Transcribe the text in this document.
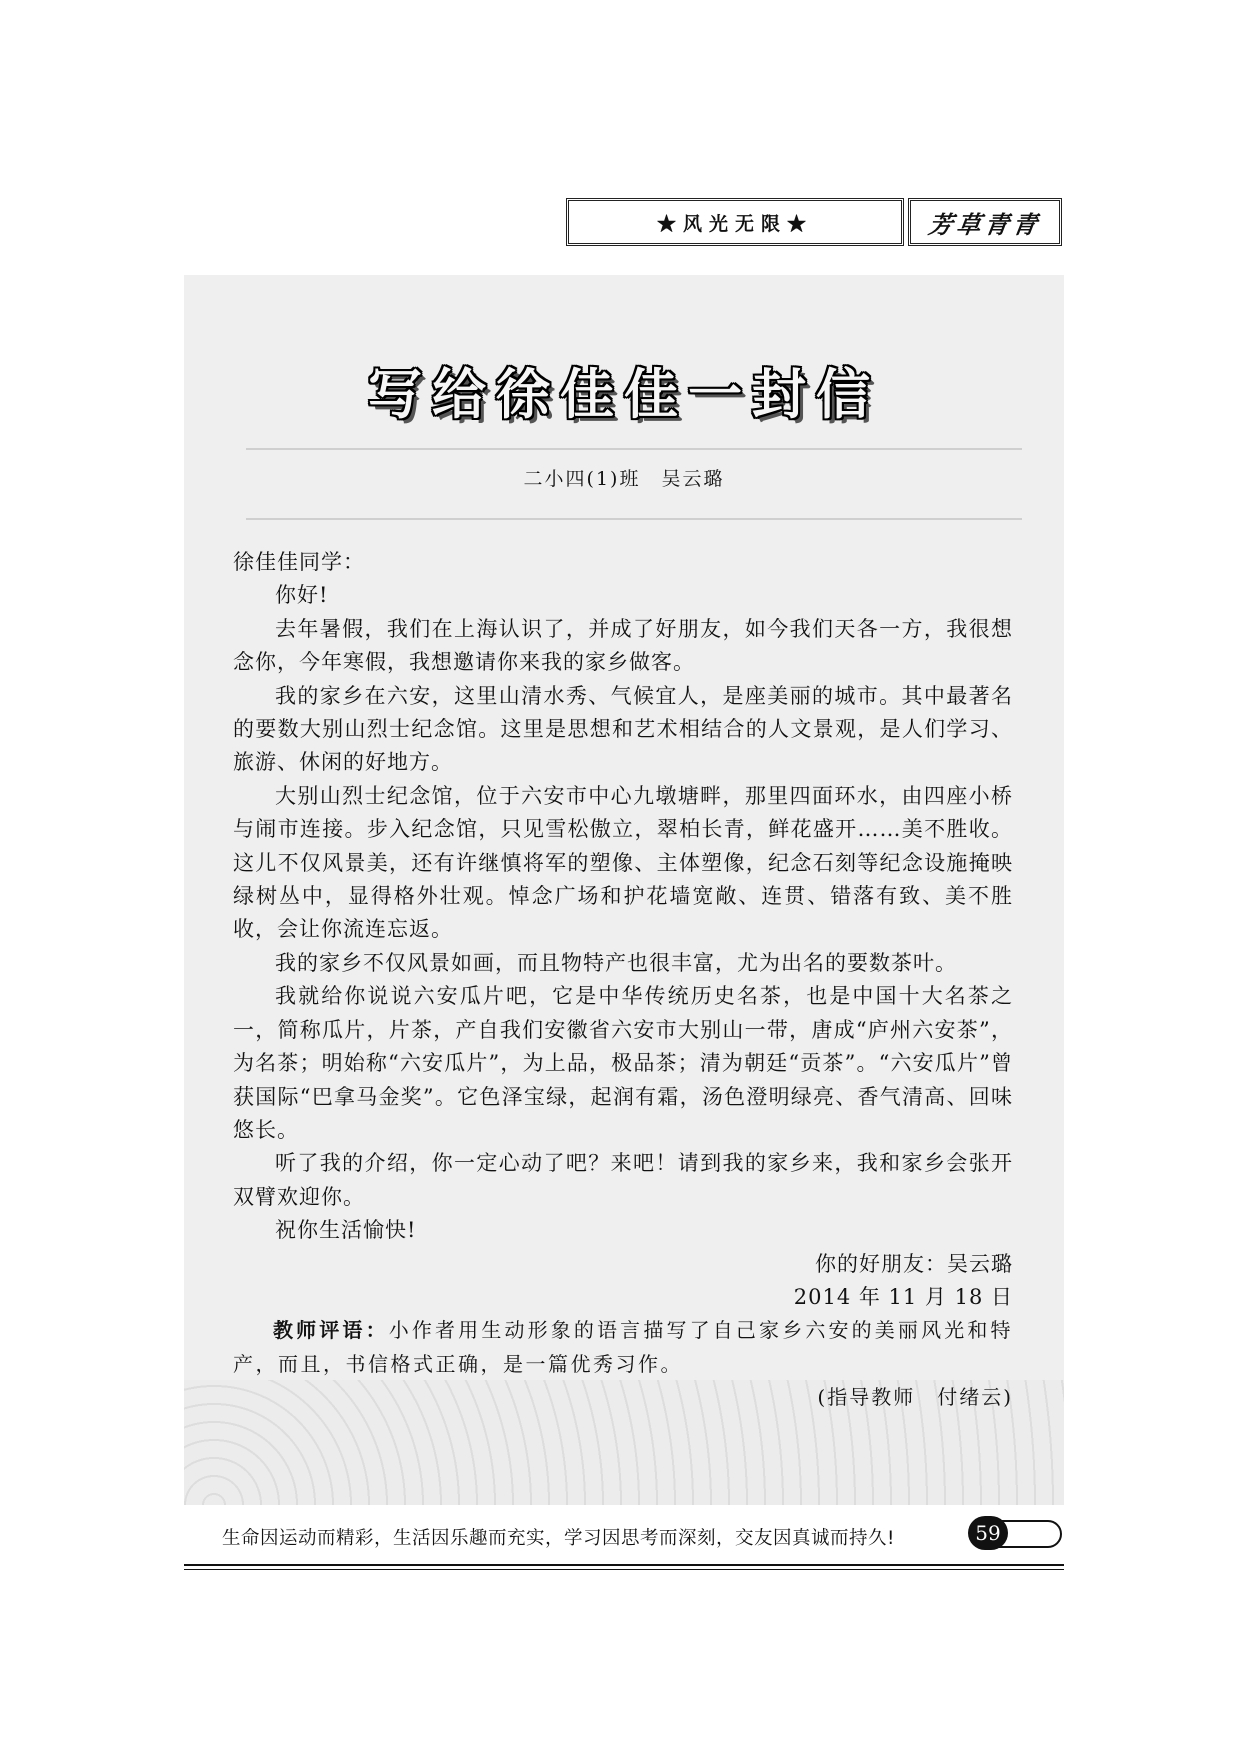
★风光无限★	芳草青青
写给徐佳佳一封信
二小四(1)班　吴云璐

徐佳佳同学：

你好!

去年暑假，我们在上海认识了，并成了好朋友，如今我们天各一方，我很想念你，今年寒假，我想邀请你来我的家乡做客。

我的家乡在六安，这里山清水秀、气候宜人，是座美丽的城市。其中最著名的要数大别山烈士纪念馆。这里是思想和艺术相结合的人文景观，是人们学习、旅游、休闲的好地方。

大别山烈士纪念馆，位于六安市中心九墩塘畔，那里四面环水，由四座小桥与闹市连接。步入纪念馆，只见雪松傲立，翠柏长青，鲜花盛开……美不胜收。这儿不仅风景美，还有许继慎将军的塑像、主体塑像，纪念石刻等纪念设施掩映绿树丛中，显得格外壮观。悼念广场和护花墙宽敞、连贯、错落有致、美不胜收，会让你流连忘返。

我的家乡不仅风景如画，而且物特产也很丰富，尤为出名的要数茶叶。

我就给你说说六安瓜片吧，它是中华传统历史名茶，也是中国十大名茶之一，简称瓜片，片茶，产自我们安徽省六安市大别山一带，唐成“庐州六安茶”，为名茶；明始称“六安瓜片”，为上品，极品茶；清为朝廷“贡茶”。“六安瓜片”曾获国际“巴拿马金奖”。它色泽宝绿，起润有霜，汤色澄明绿亮、香气清高、回味悠长。

听了我的介绍，你一定心动了吧？来吧！请到我的家乡来，我和家乡会张开双臂欢迎你。

祝你生活愉快!

你的好朋友：吴云璐

2014 年 11 月 18 日

教师评语：小作者用生动形象的语言描写了自己家乡六安的美丽风光和特产，而且，书信格式正确，是一篇优秀习作。

(指导教师　付绪云)

生命因运动而精彩，生活因乐趣而充实，学习因思考而深刻，交友因真诚而持久!	59
